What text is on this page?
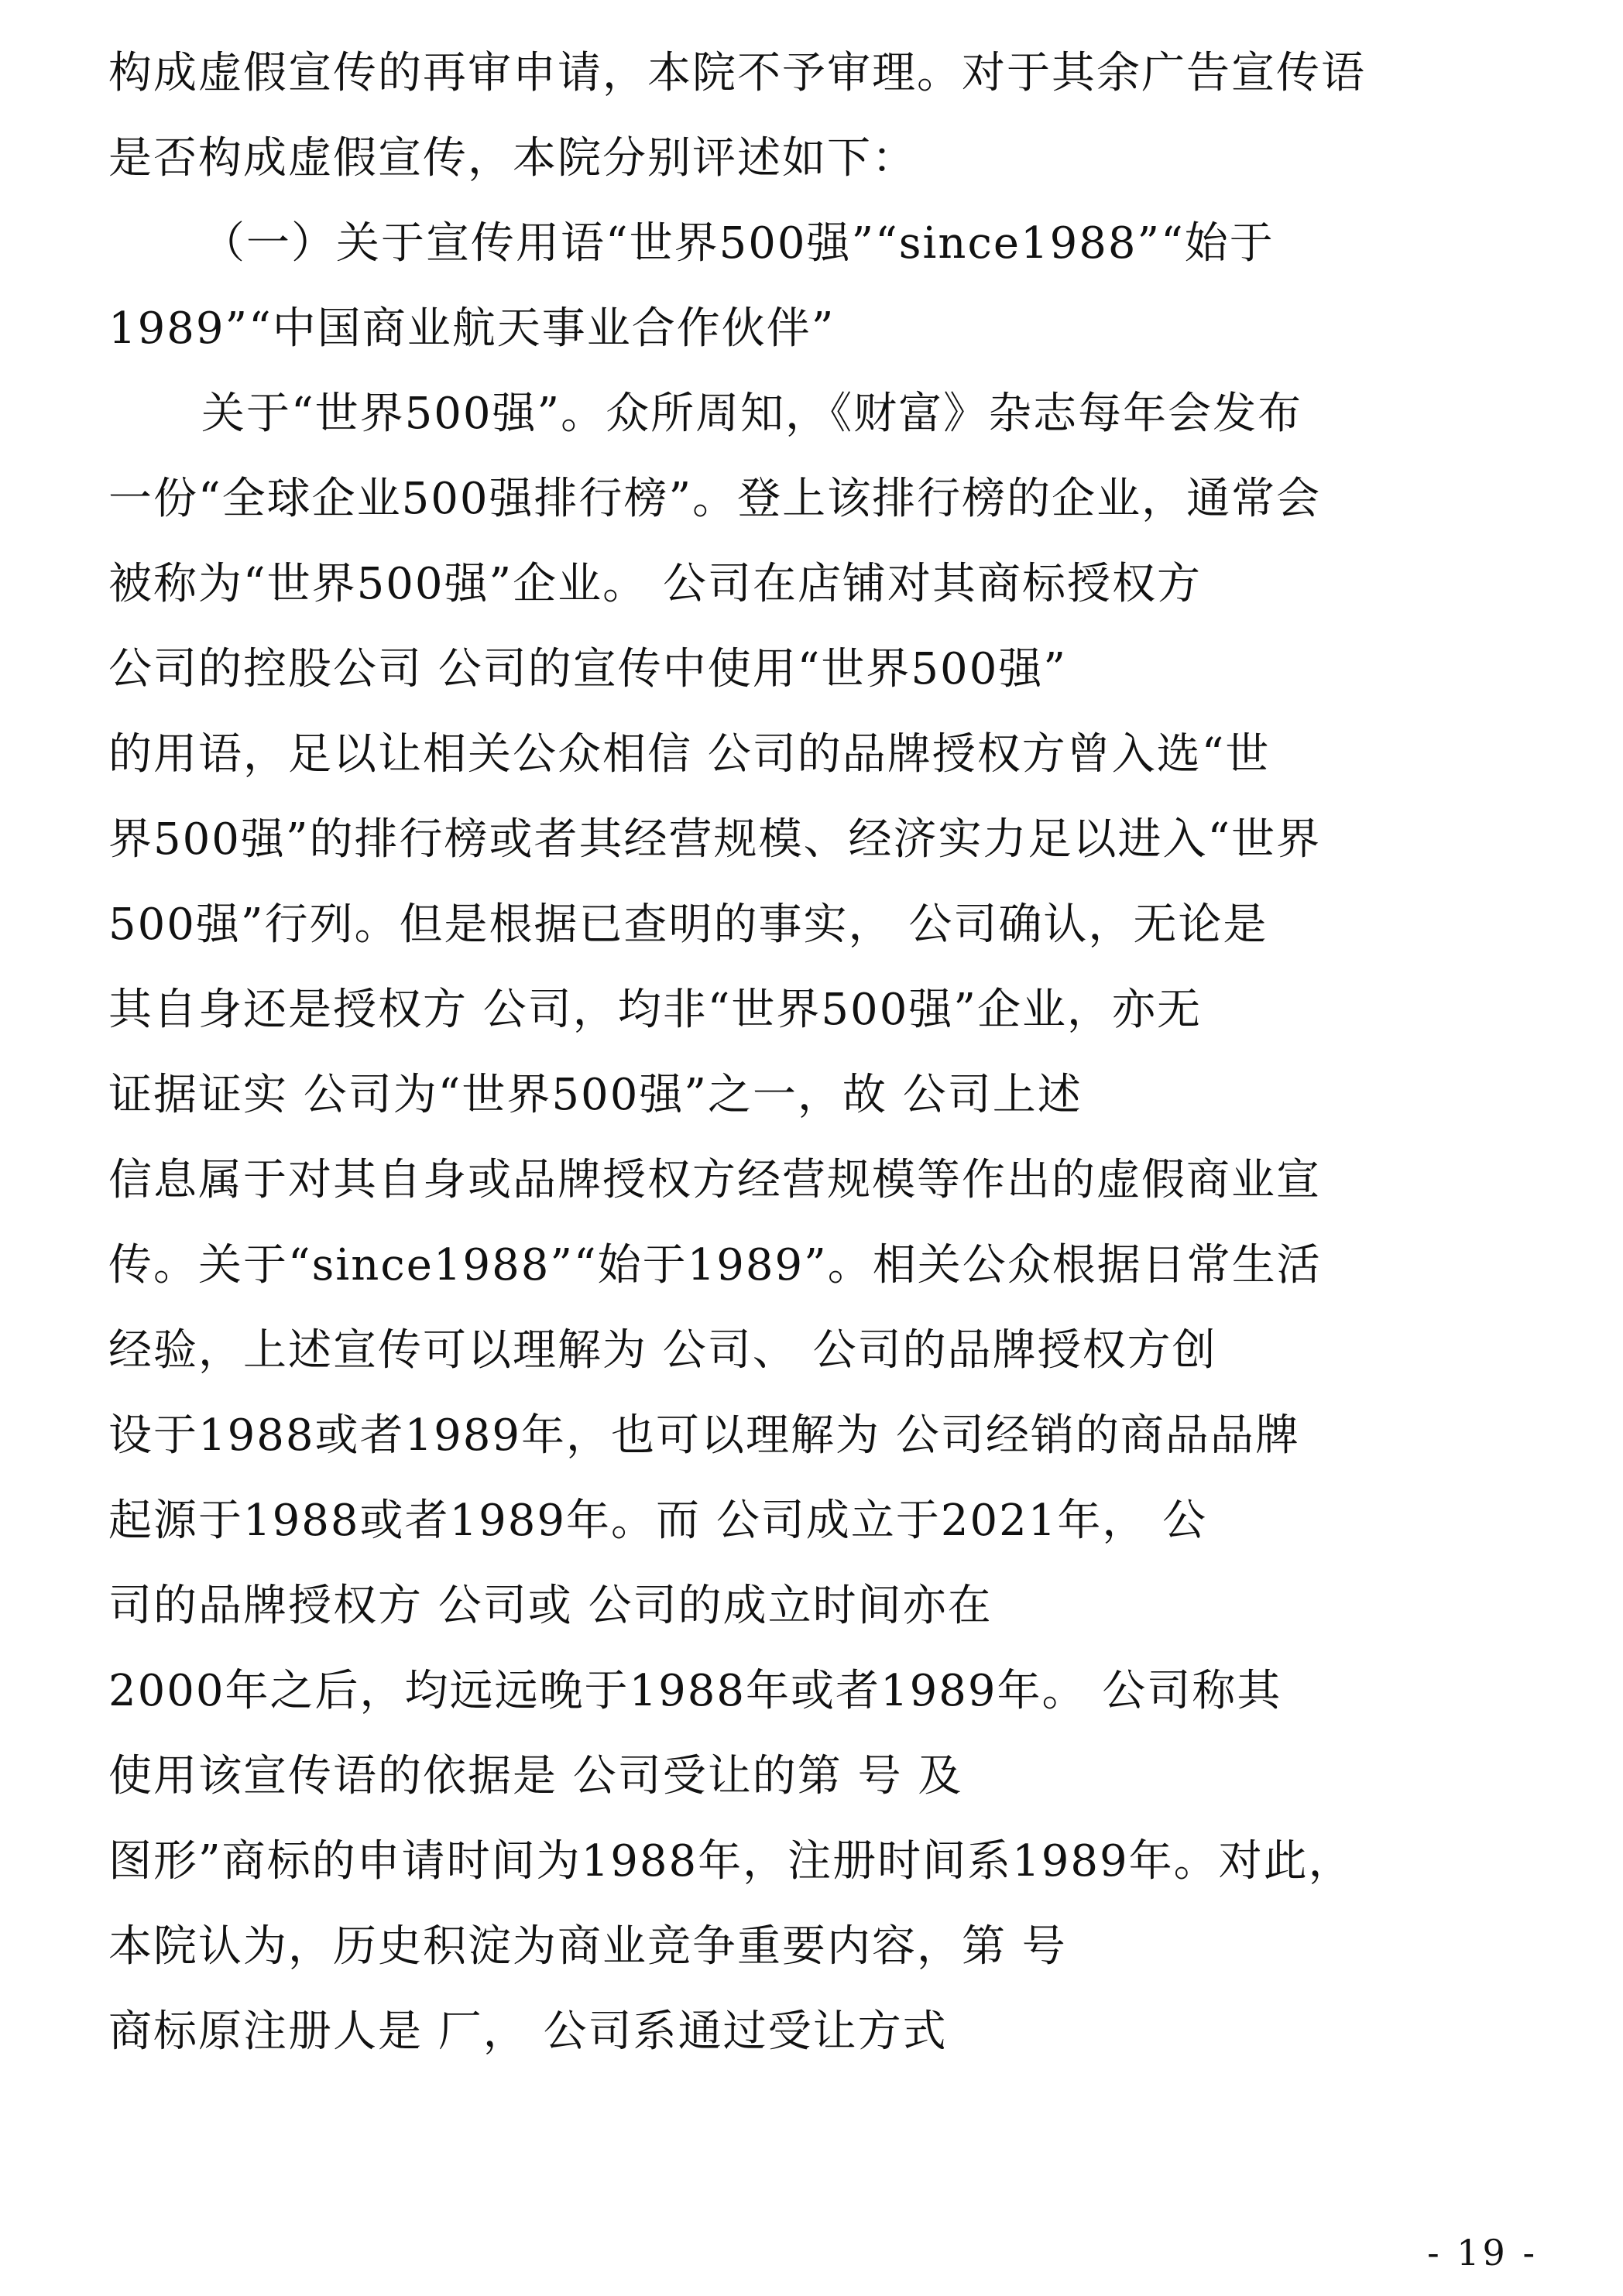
构成虚假宣传的再审申请，本院不予审理。对于其余广告宣传语
是否构成虚假宣传，本院分别评述如下：
（一）关于宣传用语“世界500强”“since1988”“始于
1989”“中国商业航天事业合作伙伴”
关于“世界500强”。众所周知，《财富》杂志每年会发布
一份“全球企业500强排行榜”。登上该排行榜的企业，通常会
被称为“世界500强”企业。 公司在店铺对其商标授权方
公司的控股公司 公司的宣传中使用“世界500强”
的用语，足以让相关公众相信 公司的品牌授权方曾入选“世
界500强”的排行榜或者其经营规模、经济实力足以进入“世界
500强”行列。但是根据已查明的事实， 公司确认，无论是
其自身还是授权方 公司，均非“世界500强”企业，亦无
证据证实 公司为“世界500强”之一，故 公司上述
信息属于对其自身或品牌授权方经营规模等作出的虚假商业宣
传。关于“since1988”“始于1989”。相关公众根据日常生活
经验，上述宣传可以理解为 公司、 公司的品牌授权方创
设于1988或者1989年，也可以理解为 公司经销的商品品牌
起源于1988或者1989年。而 公司成立于2021年， 公
司的品牌授权方 公司或 公司的成立时间亦在
2000年之后，均远远晚于1988年或者1989年。 公司称其
使用该宣传语的依据是 公司受让的第 号 及
图形”商标的申请时间为1988年，注册时间系1989年。对此，
本院认为，历史积淀为商业竞争重要内容，第 号
商标原注册人是 厂， 公司系通过受让方式
- 19 -
